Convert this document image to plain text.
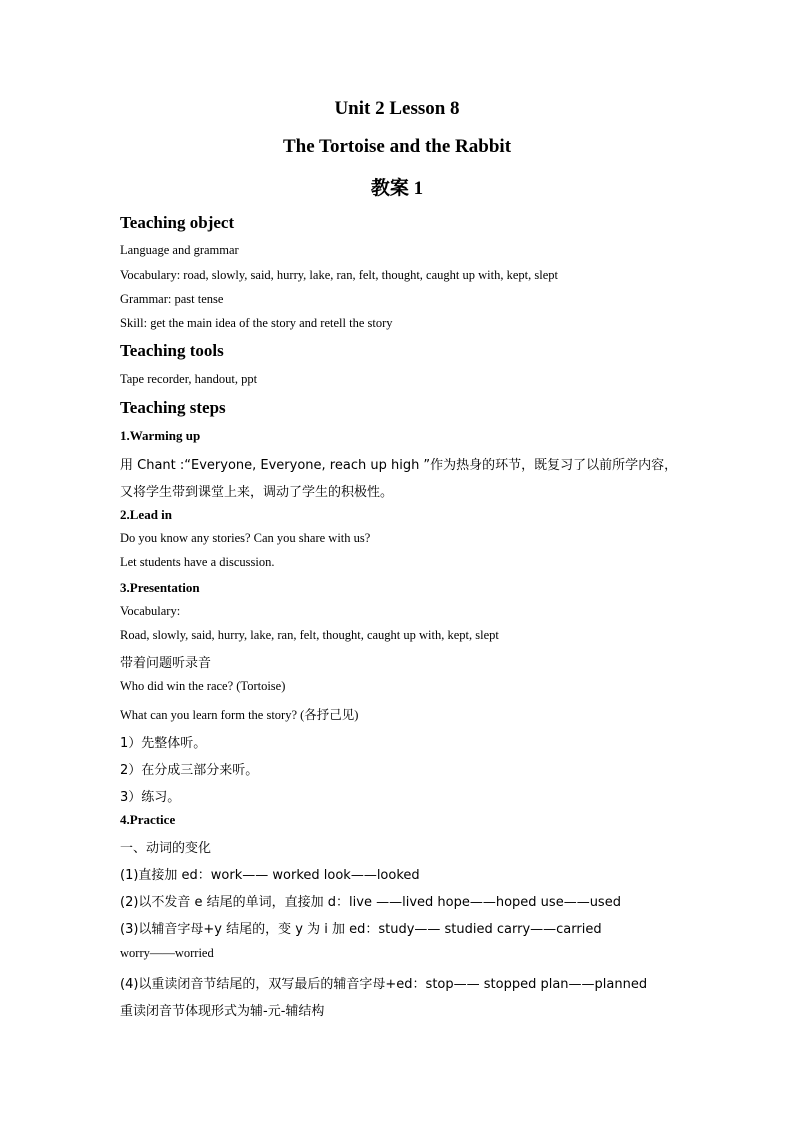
Unit 2 Lesson 8
The Tortoise and the Rabbit
教案 1
Teaching object
Language and grammar
Vocabulary: road, slowly, said, hurry, lake, ran, felt, thought, caught up with, kept, slept
Grammar: past tense
Skill: get the main idea of the story and retell the story
Teaching tools
Tape recorder, handout, ppt
Teaching steps
1.Warming up
用 Chant :“Everyone, Everyone, reach up high ”作为热身的环节，既复习了以前所学内容，
又将学生带到课堂上来，调动了学生的积极性。
2.Lead in
Do you know any stories? Can you share with us?
Let students have a discussion.
3.Presentation
Vocabulary:
Road, slowly, said, hurry, lake, ran, felt, thought, caught up with, kept, slept
带着问题听录音
Who did win the race? (Tortoise)
What can you learn form the story? (各抒己见)
1）先整体听。
2）在分成三部分来听。
3）练习。
4.Practice
一、动词的变化
(1)直接加 ed：work—— worked look——looked
(2)以不发音 e 结尾的单词，直接加 d：live ——lived hope——hoped use——used
(3)以辅音字母+y 结尾的，变 y 为 i 加 ed：study—— studied carry——carried
worry——worried
(4)以重读闭音节结尾的，双写最后的辅音字母+ed：stop—— stopped plan——planned
重读闭音节体现形式为辅-元-辅结构
